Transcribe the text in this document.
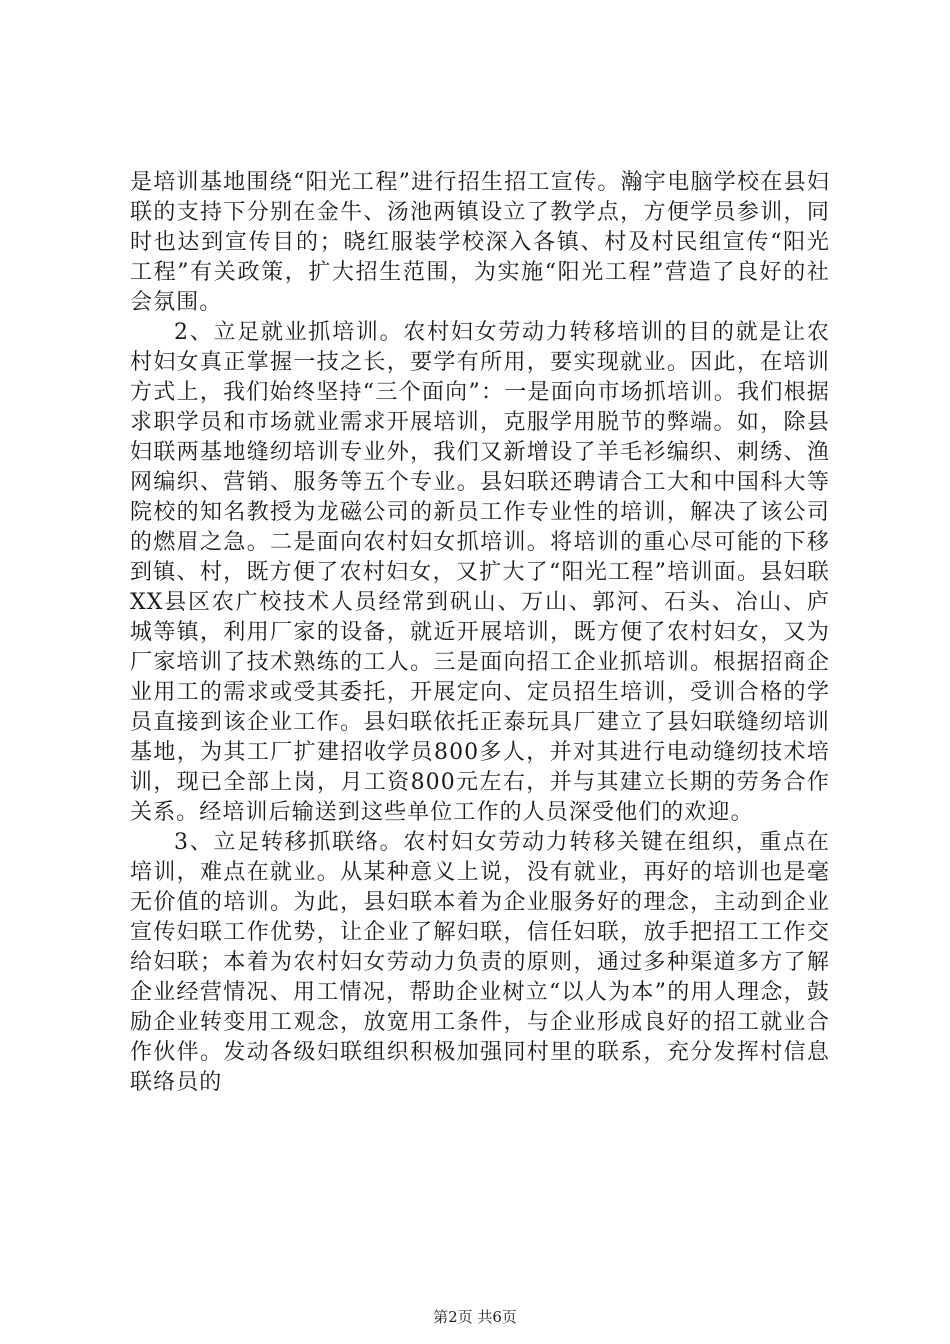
是培训基地围绕“阳光工程”进行招生招工宣传。瀚宇电脑学校在县妇联的支持下分别在金牛、汤池两镇设立了教学点，方便学员参训，同时也达到宣传目的；晓红服装学校深入各镇、村及村民组宣传“阳光工程”有关政策，扩大招生范围，为实施“阳光工程”营造了良好的社会氛围。

2、立足就业抓培训。农村妇女劳动力转移培训的目的就是让农村妇女真正掌握一技之长，要学有所用，要实现就业。因此，在培训方式上，我们始终坚持“三个面向”：一是面向市场抓培训。我们根据求职学员和市场就业需求开展培训，克服学用脱节的弊端。如，除县妇联两基地缝纫培训专业外，我们又新增设了羊毛衫编织、刺绣、渔网编织、营销、服务等五个专业。县妇联还聘请合工大和中国科大等院校的知名教授为龙磁公司的新员工作专业性的培训，解决了该公司的燃眉之急。二是面向农村妇女抓培训。将培训的重心尽可能的下移到镇、村，既方便了农村妇女，又扩大了“阳光工程”培训面。县妇联XX县区农广校技术人员经常到矾山、万山、郭河、石头、冶山、庐城等镇，利用厂家的设备，就近开展培训，既方便了农村妇女，又为厂家培训了技术熟练的工人。三是面向招工企业抓培训。根据招商企业用工的需求或受其委托，开展定向、定员招生培训，受训合格的学员直接到该企业工作。县妇联依托正泰玩具厂建立了县妇联缝纫培训基地，为其工厂扩建招收学员800多人，并对其进行电动缝纫技术培训，现已全部上岗，月工资800元左右，并与其建立长期的劳务合作关系。经培训后输送到这些单位工作的人员深受他们的欢迎。

3、立足转移抓联络。农村妇女劳动力转移关键在组织，重点在培训，难点在就业。从某种意义上说，没有就业，再好的培训也是毫无价值的培训。为此，县妇联本着为企业服务好的理念，主动到企业宣传妇联工作优势，让企业了解妇联，信任妇联，放手把招工工作交给妇联；本着为农村妇女劳动力负责的原则，通过多种渠道多方了解企业经营情况、用工情况，帮助企业树立“以人为本”的用人理念，鼓励企业转变用工观念，放宽用工条件，与企业形成良好的招工就业合作伙伴。发动各级妇联组织积极加强同村里的联系，充分发挥村信息联络员的

第2页 共6页
